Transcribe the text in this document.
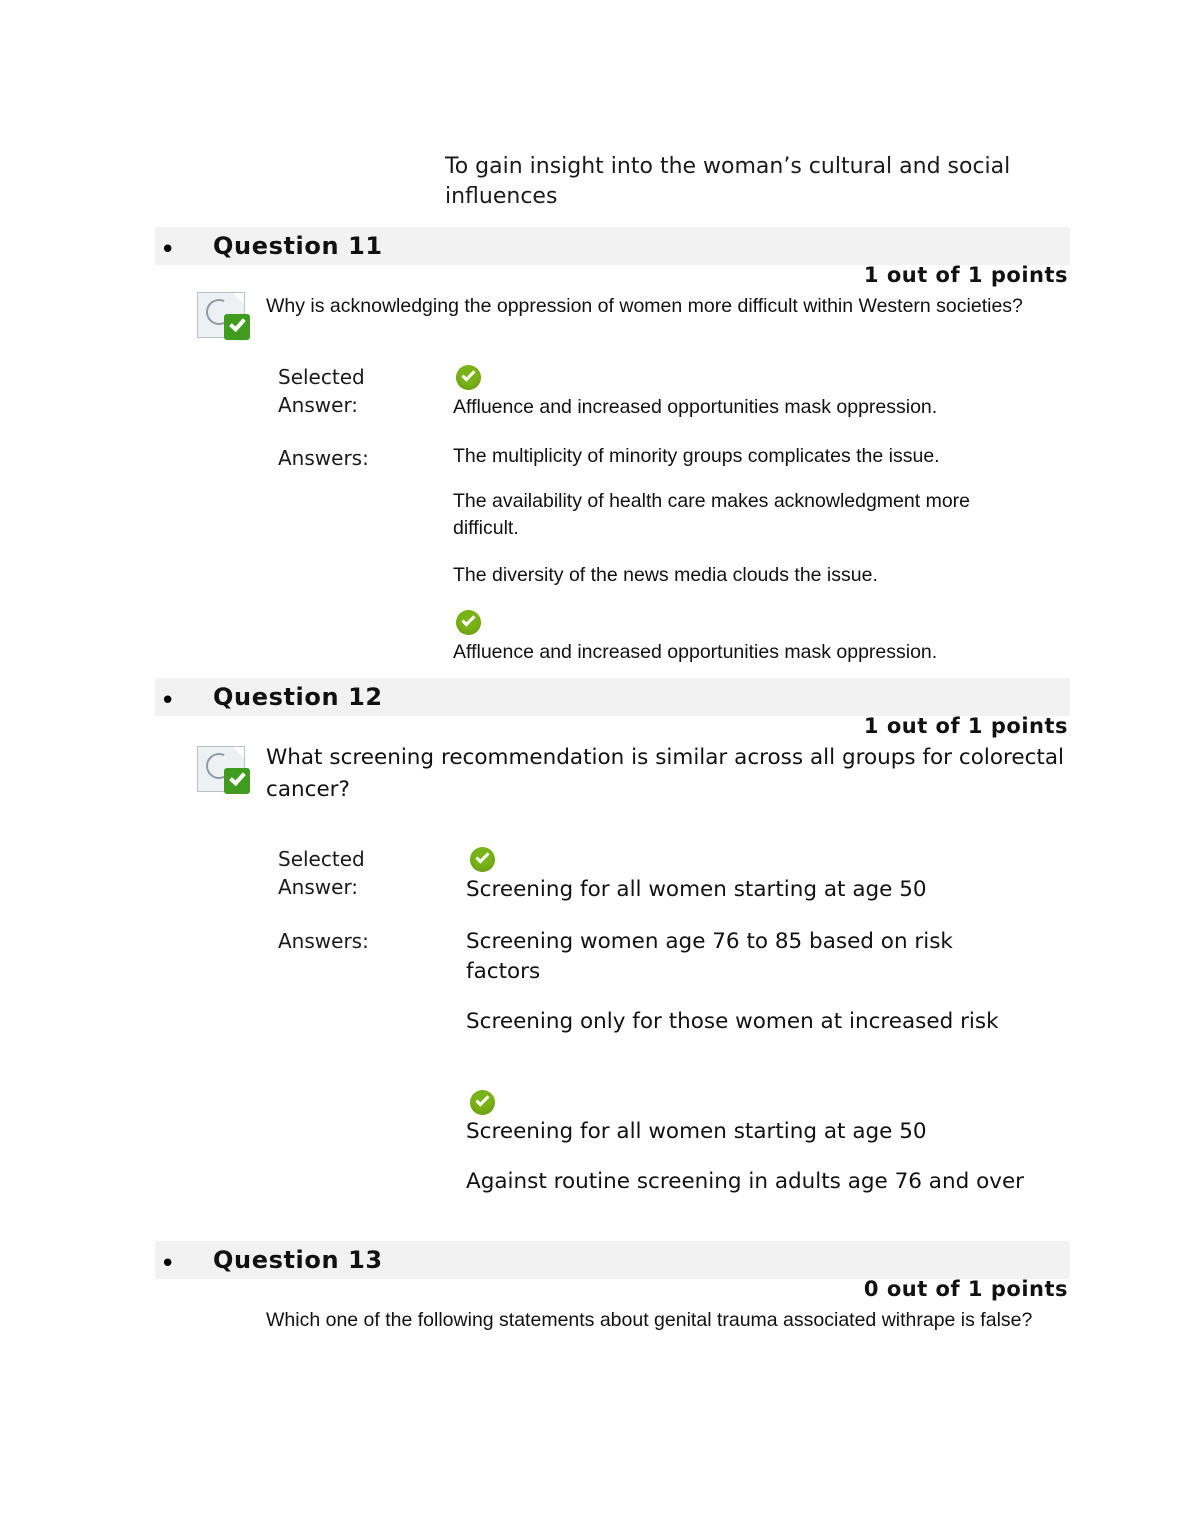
To gain insight into the woman’s cultural and social influences
• Question 11
1 out of 1 points
Why is acknowledging the oppression of women more difficult within Western societies?
Selected Answer:	Affluence and increased opportunities mask oppression.
Answers:	The multiplicity of minority groups complicates the issue.
The availability of health care makes acknowledgment more difficult.
The diversity of the news media clouds the issue.
Affluence and increased opportunities mask oppression.
• Question 12
1 out of 1 points
What screening recommendation is similar across all groups for colorectal cancer?
Selected Answer:	Screening for all women starting at age 50
Answers:	Screening women age 76 to 85 based on risk factors
Screening only for those women at increased risk
Screening for all women starting at age 50
Against routine screening in adults age 76 and over
• Question 13
0 out of 1 points
Which one of the following statements about genital trauma associated withrape is false?
